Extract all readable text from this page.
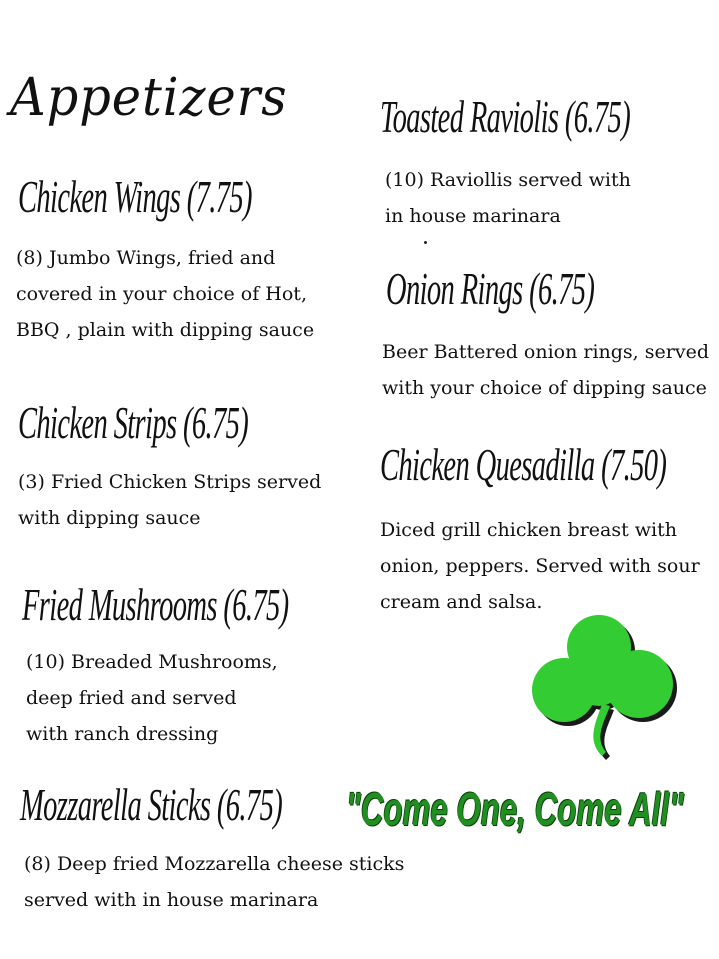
Appetizers
Chicken Wings (7.75)
(8) Jumbo Wings, fried and
covered in your choice of Hot,
BBQ , plain with dipping sauce
Chicken Strips (6.75)
(3) Fried Chicken Strips served
with dipping sauce
Fried Mushrooms (6.75)
(10) Breaded Mushrooms,
deep fried and served
with ranch dressing
Mozzarella Sticks (6.75)
(8) Deep fried Mozzarella cheese sticks
served with in house marinara
Toasted Raviolis (6.75)
(10) Raviollis served with
in house marinara
Onion Rings (6.75)
Beer Battered onion rings, served
with your choice of dipping sauce
Chicken Quesadilla (7.50)
Diced grill chicken breast with
onion, peppers. Served with sour
cream and salsa.
"Come One, Come All"
